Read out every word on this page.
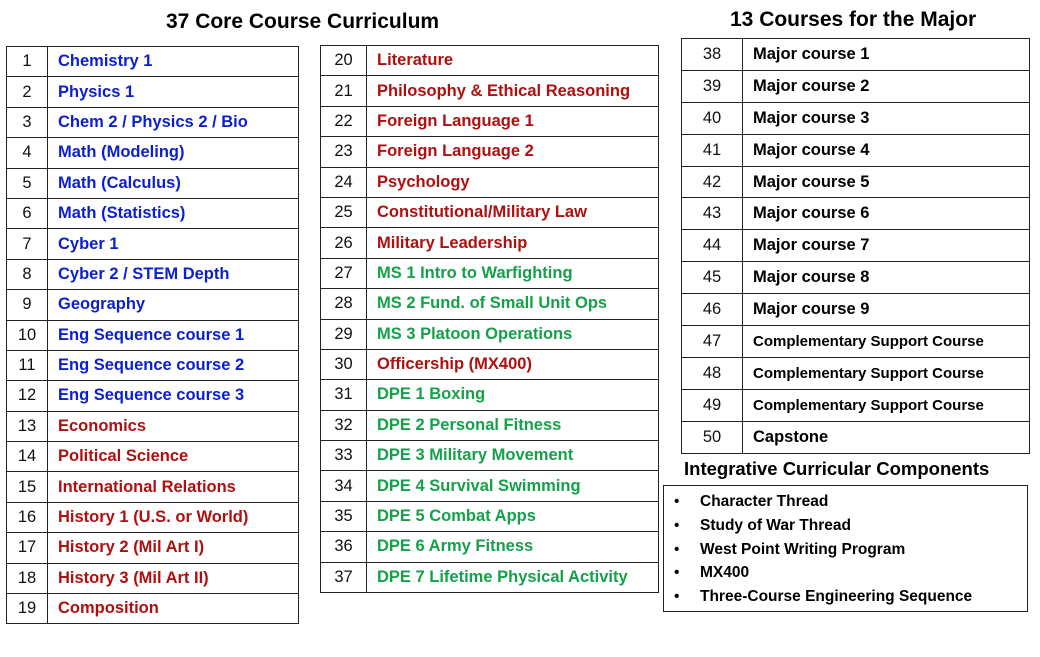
37 Core Course Curriculum
1	Chemistry 1
2	Physics 1
3	Chem 2 / Physics 2 / Bio
4	Math (Modeling)
5	Math (Calculus)
6	Math (Statistics)
7	Cyber 1
8	Cyber 2 / STEM Depth
9	Geography
10	Eng Sequence course 1
11	Eng Sequence course 2
12	Eng Sequence course 3
13	Economics
14	Political Science
15	International Relations
16	History 1 (U.S. or World)
17	History 2 (Mil Art I)
18	History 3 (Mil Art II)
19	Composition
20	Literature
21	Philosophy & Ethical Reasoning
22	Foreign Language 1
23	Foreign Language 2
24	Psychology
25	Constitutional/Military Law
26	Military Leadership
27	MS 1 Intro to Warfighting
28	MS 2 Fund. of Small Unit Ops
29	MS 3 Platoon Operations
30	Officership (MX400)
31	DPE 1 Boxing
32	DPE 2 Personal Fitness
33	DPE 3 Military Movement
34	DPE 4 Survival Swimming
35	DPE 5 Combat Apps
36	DPE 6 Army Fitness
37	DPE 7 Lifetime Physical Activity
13 Courses for the Major
38	Major course 1
39	Major course 2
40	Major course 3
41	Major course 4
42	Major course 5
43	Major course 6
44	Major course 7
45	Major course 8
46	Major course 9
47	Complementary Support Course
48	Complementary Support Course
49	Complementary Support Course
50	Capstone
Integrative Curricular Components
• Character Thread
• Study of War Thread
• West Point Writing Program
• MX400
• Three-Course Engineering Sequence
